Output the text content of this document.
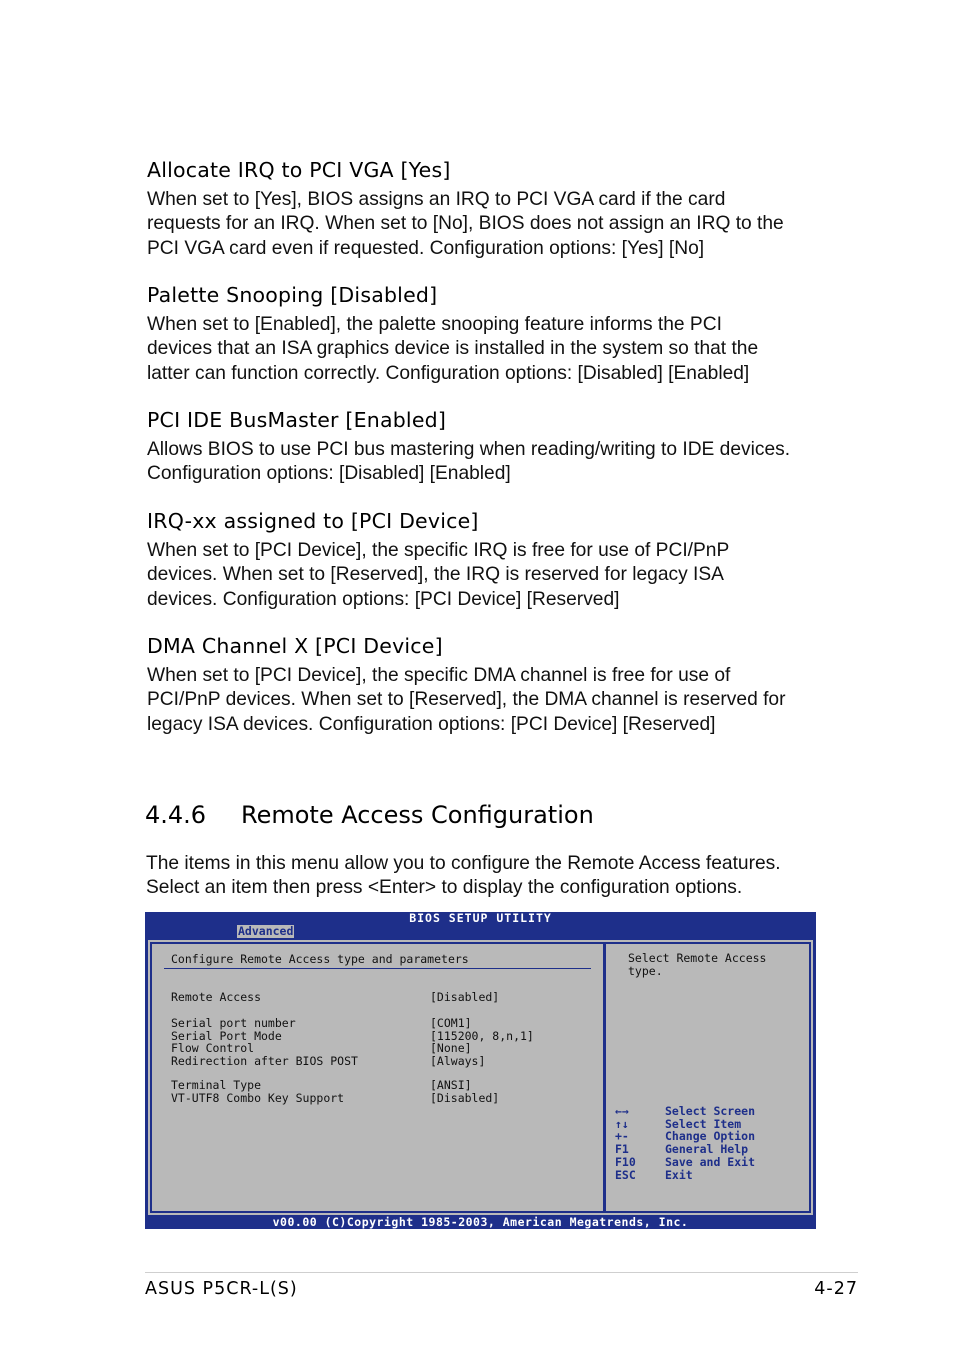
Allocate IRQ to PCI VGA [Yes]

When set to [Yes], BIOS assigns an IRQ to PCI VGA card if the card
requests for an IRQ. When set to [No], BIOS does not assign an IRQ to the
PCI VGA card even if requested. Configuration options: [Yes] [No]

Palette Snooping [Disabled]

When set to [Enabled], the palette snooping feature informs the PCI
devices that an ISA graphics device is installed in the system so that the
latter can function correctly. Configuration options: [Disabled] [Enabled]

PCI IDE BusMaster [Enabled]

Allows BIOS to use PCI bus mastering when reading/writing to IDE devices.
Configuration options: [Disabled] [Enabled]

IRQ-xx assigned to [PCI Device]

When set to [PCI Device], the specific IRQ is free for use of PCI/PnP
devices. When set to [Reserved], the IRQ is reserved for legacy ISA
devices. Configuration options: [PCI Device] [Reserved]

DMA Channel X [PCI Device]

When set to [PCI Device], the specific DMA channel is free for use of
PCI/PnP devices. When set to [Reserved], the DMA channel is reserved for
legacy ISA devices. Configuration options: [PCI Device] [Reserved]

4.4.6 Remote Access Configuration

The items in this menu allow you to configure the Remote Access features.
Select an item then press <Enter> to display the configuration options.

BIOS SETUP UTILITY
Advanced
Configure Remote Access type and parameters
Remote Access	[Disabled]
Serial port number	[COM1]
Serial Port Mode	[115200, 8,n,1]
Flow Control	[None]
Redirection after BIOS POST	[Always]
Terminal Type	[ANSI]
VT-UTF8 Combo Key Support	[Disabled]
Select Remote Access type.
←→	Select Screen
↑↓	Select Item
+-	Change Option
F1	General Help
F10	Save and Exit
ESC	Exit
v00.00 (C)Copyright 1985-2003, American Megatrends, Inc.
ASUS P5CR-L(S)	4-27
